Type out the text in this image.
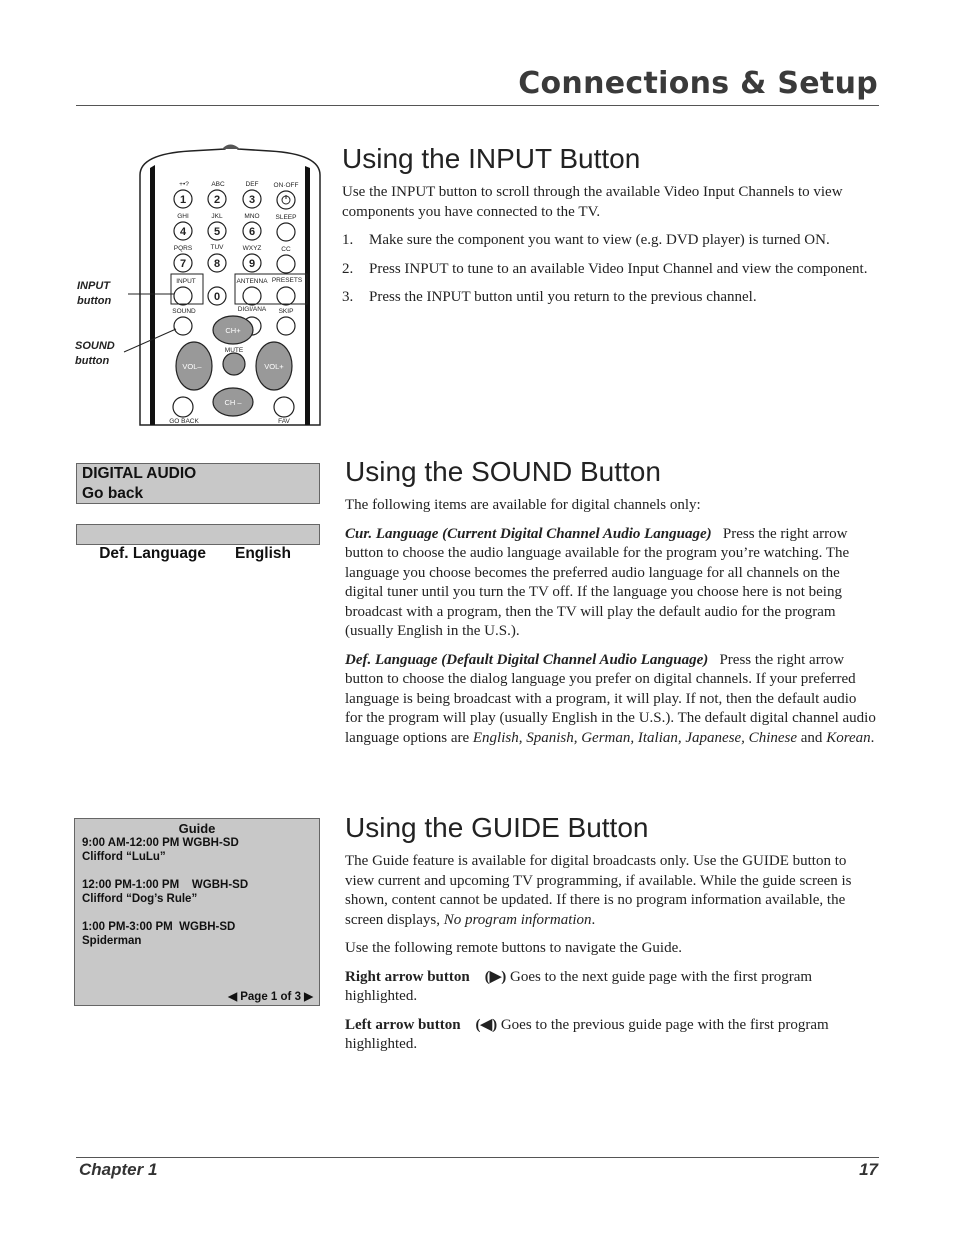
Connections & Setup
+•?	ABC	DEF ON·OFF
GHI	JKL	MNO SLEEP
PQRS	TUV	WXYZ	CC
1	2	3
4	5	6
7	8	9
0
INPUT	ANTENNA PRESETS
SOUND	DIGI/ANA SKIP
GO BACK	FAV
CH+
CH –
VOL–	VOL+
MUTE
INPUT
button
SOUND
button
Using the INPUT Button

Use the INPUT button to scroll through the available Video Input Channels to view components you have connected to the TV.

1. Make sure the component you want to view (e.g. DVD player) is turned ON.
2. Press INPUT to tune to an available Video Input Channel and view the component.
3. Press the INPUT button until you return to the previous channel.
DIGITAL AUDIO
Go back

Def. Language English

Using the SOUND Button

The following items are available for digital channels only:

Cur. Language (Current Digital Channel Audio Language) Press the right arrow button to choose the audio language available for the program you’re watching. The language you choose becomes the preferred audio language for all channels on the digital tuner until you turn the TV off. If the language you choose here is not being broadcast with a program, then the TV will play the default audio for the program (usually English in the U.S.).

Def. Language (Default Digital Channel Audio Language) Press the right arrow button to choose the dialog language you prefer on digital channels. If your preferred language is being broadcast with a program, it will play. If not, then the default audio for the program will play (usually English in the U.S.). The default digital channel audio language options are English, Spanish, German, Italian, Japanese, Chinese and Korean.

Guide
9:00 AM-12:00 PM WGBH-SD
Clifford “LuLu”
12:00 PM-1:00 PM    WGBH-SD
Clifford “Dog’s Rule”
1:00 PM-3:00 PM  WGBH-SD
Spiderman
◀ Page 1 of 3 ▶
Using the GUIDE Button

The Guide feature is available for digital broadcasts only. Use the GUIDE button to view current and upcoming TV programming, if available. While the guide screen is shown, content cannot be updated. If there is no program information available, the screen displays, No program information.

Use the following remote buttons to navigate the Guide.

Right arrow button (▶) Goes to the next guide page with the first program highlighted.

Left arrow button (◀) Goes to the previous guide page with the first program highlighted.

Chapter 1	17
